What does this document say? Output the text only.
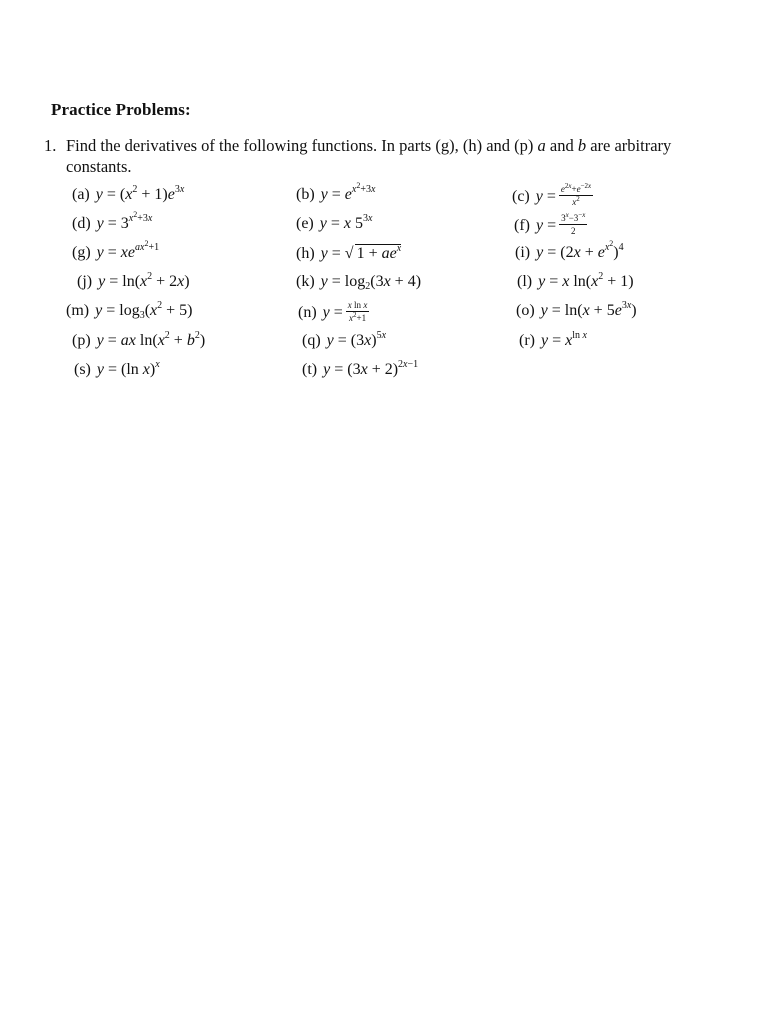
Practice Problems:
1. Find the derivatives of the following functions. In parts (g), (h) and (p) a and b are arbitrary constants.
(a) $y = (x^2 + 1)e^{3x}$	(b) $y = e^{x^2+3x}$	(c) $y = \frac{e^{2x}+e^{-2x}}{x^2}$
(d) $y = 3^{x^2+3x}$	(e) y = x $5^{3x}$	(f) $y = \frac{3^x-3^{-x}}{2}$
(g) $y = xe^{ax^2+1}$	(h) y = √ $1 + ae^x$	(i) $y = (2x + e^{x^2})^4$
(j) $y = \ln(x^2 + 2x)$	(k) $y = \log_2(3x + 4)$	(l) y = x $\ln(x^2 + 1)$
(m) $y = \log_3(x^2 + 5)$	(n) $y = \frac{\text{x ln x}}{x^2+1}$	(o) $y = \ln(x + 5e^{3x})$
(p) y = ax $\ln(x^2 + b^2)$	(q) $y = (3x)^{5x}$	(r) $y = x^{ln x}$
(s) y = (ln x)$^x$	(t) $y = (3x + 2)^{2x-1}$
